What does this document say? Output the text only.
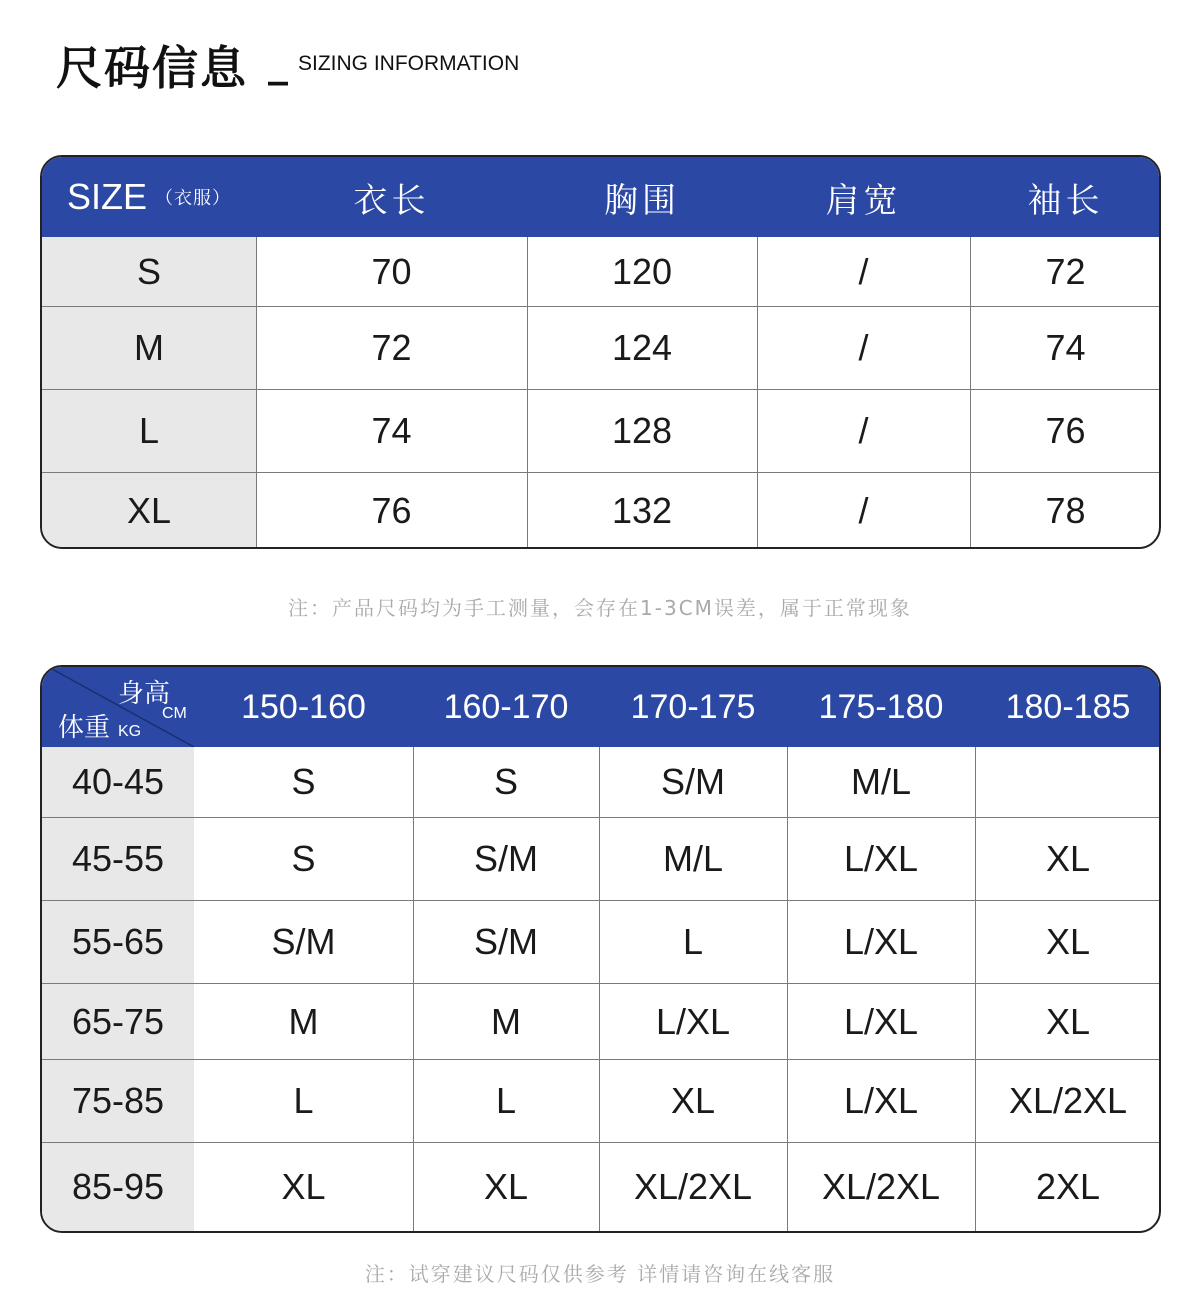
尺码信息 _ SIZING INFORMATION
SIZE （衣服）	衣长	胸围	肩宽	袖长
S	70	120	/	72
M	72	124	/	74
L	74	128	/	76
XL	76	132	/	78
注：产品尺码均为手工测量，会存在1-3CM误差，属于正常现象
身高
CM
体重 KG
150-160	160-170	170-175	175-180	180-185
40-45	S	S	S/M	M/L
45-55	S	S/M	M/L	L/XL	XL
55-65	S/M	S/M	L	L/XL	XL
65-75	M	M	L/XL	L/XL	XL
75-85	L	L	XL	L/XL	XL/2XL
85-95	XL	XL	XL/2XL	XL/2XL	2XL
注：试穿建议尺码仅供参考 详情请咨询在线客服
